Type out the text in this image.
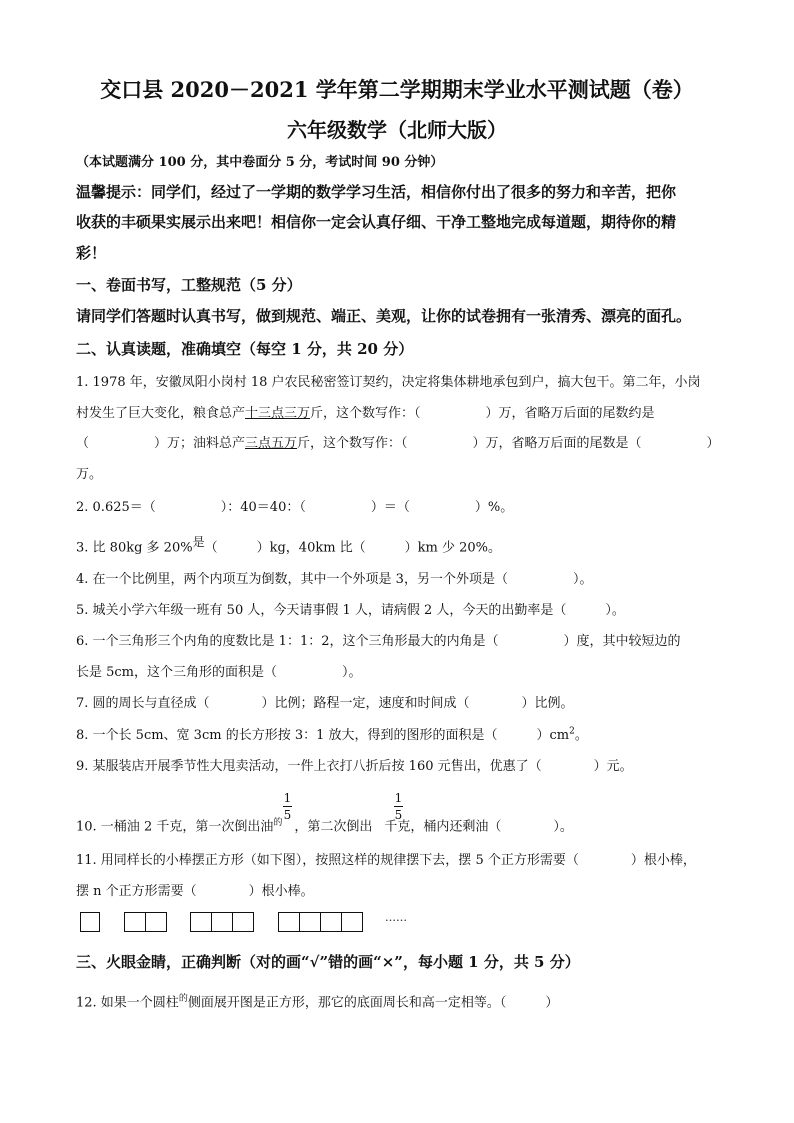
交口县 2020－2021 学年第二学期期末学业水平测试题（卷）
六年级数学（北师大版）
（本试题满分 100 分，其中卷面分 5 分，考试时间 90 分钟）
温馨提示：同学们，经过了一学期的数学学习生活，相信你付出了很多的努力和辛苦，把你
收获的丰硕果实展示出来吧！相信你一定会认真仔细、干净工整地完成每道题，期待你的精
彩！
一、卷面书写，工整规范（5 分）
请同学们答题时认真书写，做到规范、端正、美观，让你的试卷拥有一张清秀、漂亮的面孔。
二、认真读题，准确填空（每空 1 分，共 20 分）
1. 1978 年，安徽凤阳小岗村 18 户农民秘密签订契约，决定将集体耕地承包到户，搞大包干。第二年，小岗
村发生了巨大变化，粮食总产十三点三万斤，这个数写作：（　　　　　）万，省略万后面的尾数约是
（　　　　　）万；油料总产三点五万斤，这个数写作：（　　　　　）万，省略万后面的尾数是（　　　　　）
万。
2. 0.625＝（　　　　　）：40＝40：（　　　　　）＝（　　　　　）%。
3. 比 80kg 多 20%$^是$（　　　）kg，40km 比（　　　）km 少 20%。
4. 在一个比例里，两个内项互为倒数，其中一个外项是 3，另一个外项是（　　　　　）。
5. 城关小学六年级一班有 50 人，今天请事假 1 人，请病假 2 人，今天的出勤率是（　　　）。
6. 一个三角形三个内角的度数比是 1：1：2，这个三角形最大的内角是（　　　　　）度，其中较短边的
长是 5cm，这个三角形的面积是（　　　　　）。
7. 圆的周长与直径成（　　　　）比例；路程一定，速度和时间成（　　　　）比例。
8. 一个长 5cm、宽 3cm 的长方形按 3：1 放大，得到的图形的面积是（　　　）$cm^2$。
9. 某服装店开展季节性大甩卖活动，一件上衣打八折后按 160 元售出，优惠了（　　　　）元。
10. 一桶油 2 千克，第一次倒出油$^的$ ，第二次倒出 千克，桶内还剩油（　　　　）。
1
5
1
5
11. 用同样长的小棒摆正方形（如下图），按照这样的规律摆下去，摆 5 个正方形需要（　　　　）根小棒，
摆 n 个正方形需要（　　　　）根小棒。
……
三、火眼金睛，正确判断（对的画“√”错的画“×”，每小题 1 分，共 5 分）
12. 如果一个圆柱$^的$侧面展开图是正方形，那它的底面周长和高一定相等。（　　　）
